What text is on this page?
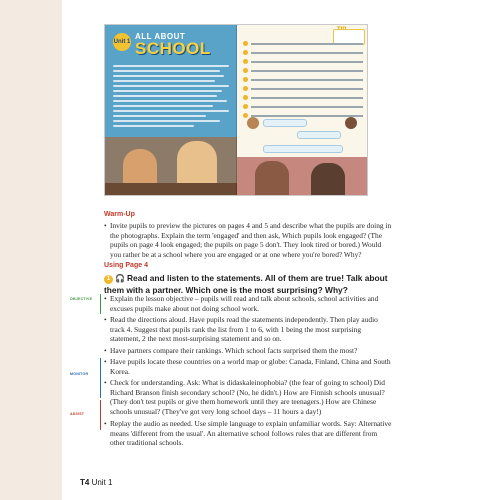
Unit 1
ALL ABOUT
SCHOOL
Warm-Up
• Invite pupils to preview the pictures on pages 4 and 5 and describe what the pupils are doing in the photographs. Explain the term 'engaged' and then ask, Which pupils look engaged? (The pupils on page 4 look engaged; the pupils on page 5 don't. They look tired or bored.) Would you rather be at a school where you are engaged or at one where you're bored? Why?
Using Page 4
1 🎧 Read and listen to the statements. All of them are true! Talk about them with a partner. Which one is the most surprising? Why?
OBJECTIVE
MONITOR
ASSIST
• Explain the lesson objective – pupils will read and talk about schools, school activities and excuses pupils make about not doing school work.
• Read the directions aloud. Have pupils read the statements independently. Then play audio track 4. Suggest that pupils rank the list from 1 to 6, with 1 being the most surprising statement, 2 the next most-surprising statement and so on.
• Have partners compare their rankings. Which school facts surprised them the most?
• Have pupils locate these countries on a world map or globe: Canada, Finland, China and South Korea.
• Check for understanding. Ask: What is didaskaleinophobia? (the fear of going to school) Did Richard Branson finish secondary school? (No, he didn't.) How are Finnish schools unusual? (They don't test pupils or give them homework until they are teenagers.) How are Chinese schools unusual? (They've got very long school days – 11 hours a day!)
• Replay the audio as needed. Use simple language to explain unfamiliar words. Say: Alternative means 'different from the usual'. An alternative school follows rules that are different from other traditional schools.
T4 Unit 1
